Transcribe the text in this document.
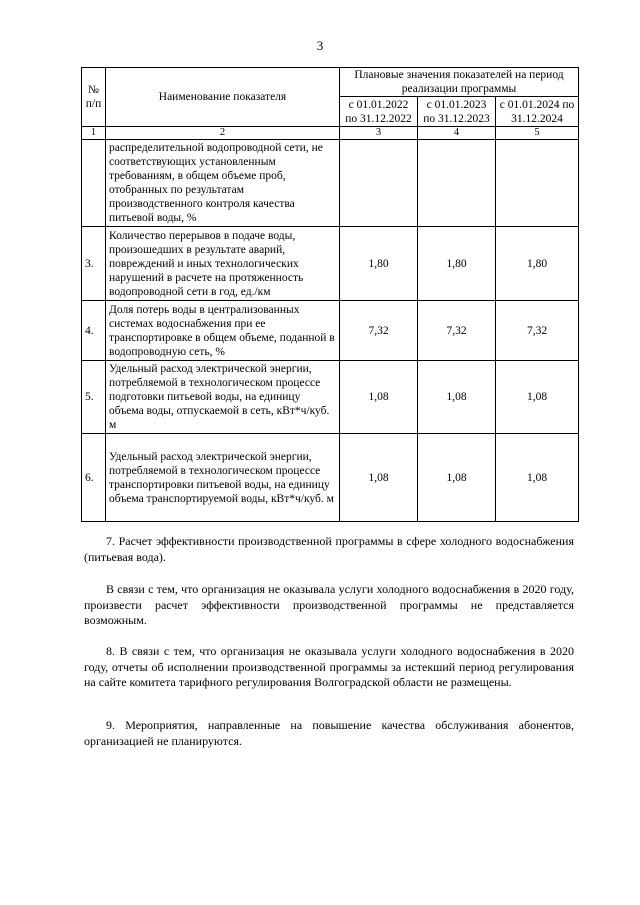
3
№ п/п	Наименование показателя	Плановые значения показателей на период реализации программы		
		с 01.01.2022 по 31.12.2022	с 01.01.2023 по 31.12.2023	с 01.01.2024 по 31.12.2024
1	2	3	4	5
	распределительной водопроводной сети, не соответствующих установленным требованиям, в общем объеме проб, отобранных по результатам производственного контроля качества питьевой воды, %			
3.	Количество перерывов в подаче воды, произошедших в результате аварий, повреждений и иных технологических нарушений в расчете на протяженность водопроводной сети в год, ед./км	1,80	1,80	1,80
4.	Доля потерь воды в централизованных системах водоснабжения при ее транспортировке в общем объеме, поданной в водопроводную сеть, %	7,32	7,32	7,32
5.	Удельный расход электрической энергии, потребляемой в технологическом процессе подготовки питьевой воды, на единицу объема воды, отпускаемой в сеть, кВт*ч/куб. м	1,08	1,08	1,08
6.	Удельный расход электрической энергии, потребляемой в технологическом процессе транспортировки питьевой воды, на единицу объема транспортируемой воды, кВт*ч/куб. м	1,08	1,08	1,08

7. Расчет эффективности производственной программы в сфере холодного водоснабжения (питьевая вода).

В связи с тем, что организация не оказывала услуги холодного водоснабжения в 2020 году, произвести расчет эффективности производственной программы не представляется возможным.

8. В связи с тем, что организация не оказывала услуги холодного водоснабжения в 2020 году, отчеты об исполнении производственной программы за истекший период регулирования на сайте комитета тарифного регулирования Волгоградской области не размещены.

9. Мероприятия, направленные на повышение качества обслуживания абонентов, организацией не планируются.
